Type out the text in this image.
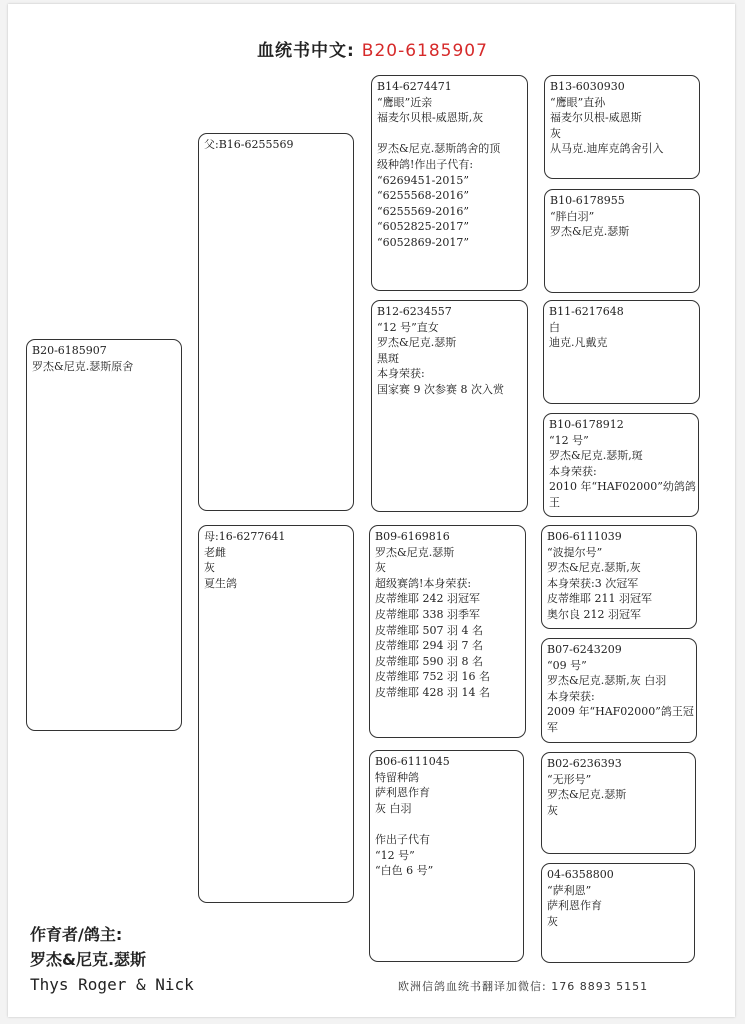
血统书中文: B20-6185907
B20-6185907
罗杰&尼克.瑟斯原舍
父:B16-6255569
母:16-6277641
老雌
灰
夏生鸽
B14-6274471
“鹰眼”近亲
福麦尔贝根-威恩斯,灰

罗杰&尼克.瑟斯鸽舍的顶
级种鸽!作出子代有:
“6269451-2015”
“6255568-2016”
“6255569-2016”
“6052825-2017”
“6052869-2017”
B12-6234557
“12 号”直女
罗杰&尼克.瑟斯
黑斑
本身荣获:
国家赛 9 次参赛 8 次入赏
B09-6169816
罗杰&尼克.瑟斯
灰
超级赛鸽!本身荣获:
皮蒂维耶 242 羽冠军
皮蒂维耶 338 羽季军
皮蒂维耶 507 羽 4 名
皮蒂维耶 294 羽 7 名
皮蒂维耶 590 羽 8 名
皮蒂维耶 752 羽 16 名
皮蒂维耶 428 羽 14 名
B06-6111045
特留种鸽
萨利恩作育
灰 白羽

作出子代有
“12 号”
“白色 6 号”
B13-6030930
“鹰眼”直孙
福麦尔贝根-威恩斯
灰
从马克.迪库克鸽舍引入
B10-6178955
“胖白羽”
罗杰&尼克.瑟斯
B11-6217648
白
迪克.凡戴克
B10-6178912
“12 号”
罗杰&尼克.瑟斯,斑
本身荣获:
2010 年“HAF02000”幼鸽鸽
王
B06-6111039
“波提尔号”
罗杰&尼克.瑟斯,灰
本身荣获:3 次冠军
皮蒂维耶 211 羽冠军
奥尔良 212 羽冠军
B07-6243209
“09 号”
罗杰&尼克.瑟斯,灰 白羽
本身荣获:
2009 年“HAF02000”鸽王冠
军
B02-6236393
“无形号”
罗杰&尼克.瑟斯
灰
04-6358800
“萨利恩”
萨利恩作育
灰
作育者/鸽主:
罗杰&尼克.瑟斯
Thys Roger & Nick	欧洲信鸽血统书翻译加微信: 176 8893 5151
